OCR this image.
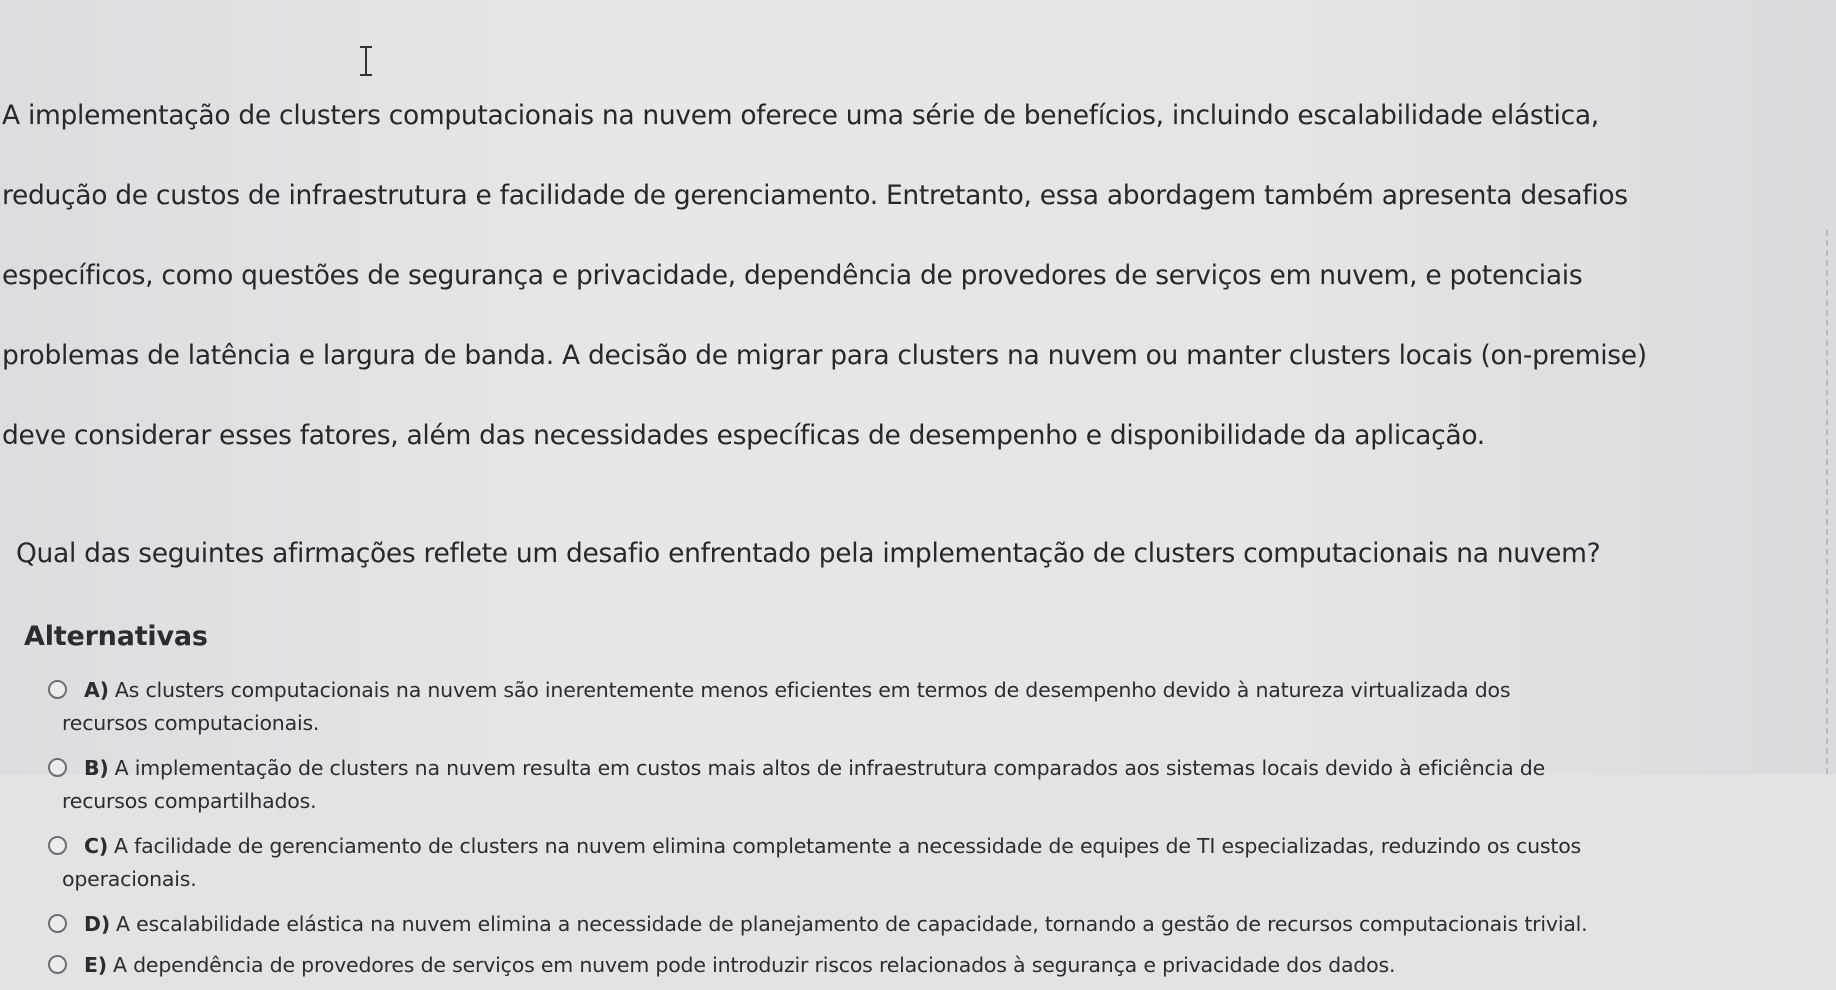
A implementação de clusters computacionais na nuvem oferece uma série de benefícios, incluindo escalabilidade elástica,

redução de custos de infraestrutura e facilidade de gerenciamento. Entretanto, essa abordagem também apresenta desafios

específicos, como questões de segurança e privacidade, dependência de provedores de serviços em nuvem, e potenciais

problemas de latência e largura de banda. A decisão de migrar para clusters na nuvem ou manter clusters locais (on-premise)

deve considerar esses fatores, além das necessidades específicas de desempenho e disponibilidade da aplicação.

Qual das seguintes afirmações reflete um desafio enfrentado pela implementação de clusters computacionais na nuvem?
Alternativas
A) As clusters computacionais na nuvem são inerentemente menos eficientes em termos de desempenho devido à natureza virtualizada dos
recursos computacionais.
B) A implementação de clusters na nuvem resulta em custos mais altos de infraestrutura comparados aos sistemas locais devido à eficiência de
recursos compartilhados.
C) A facilidade de gerenciamento de clusters na nuvem elimina completamente a necessidade de equipes de TI especializadas, reduzindo os custos
operacionais.
D) A escalabilidade elástica na nuvem elimina a necessidade de planejamento de capacidade, tornando a gestão de recursos computacionais trivial.
E) A dependência de provedores de serviços em nuvem pode introduzir riscos relacionados à segurança e privacidade dos dados.
